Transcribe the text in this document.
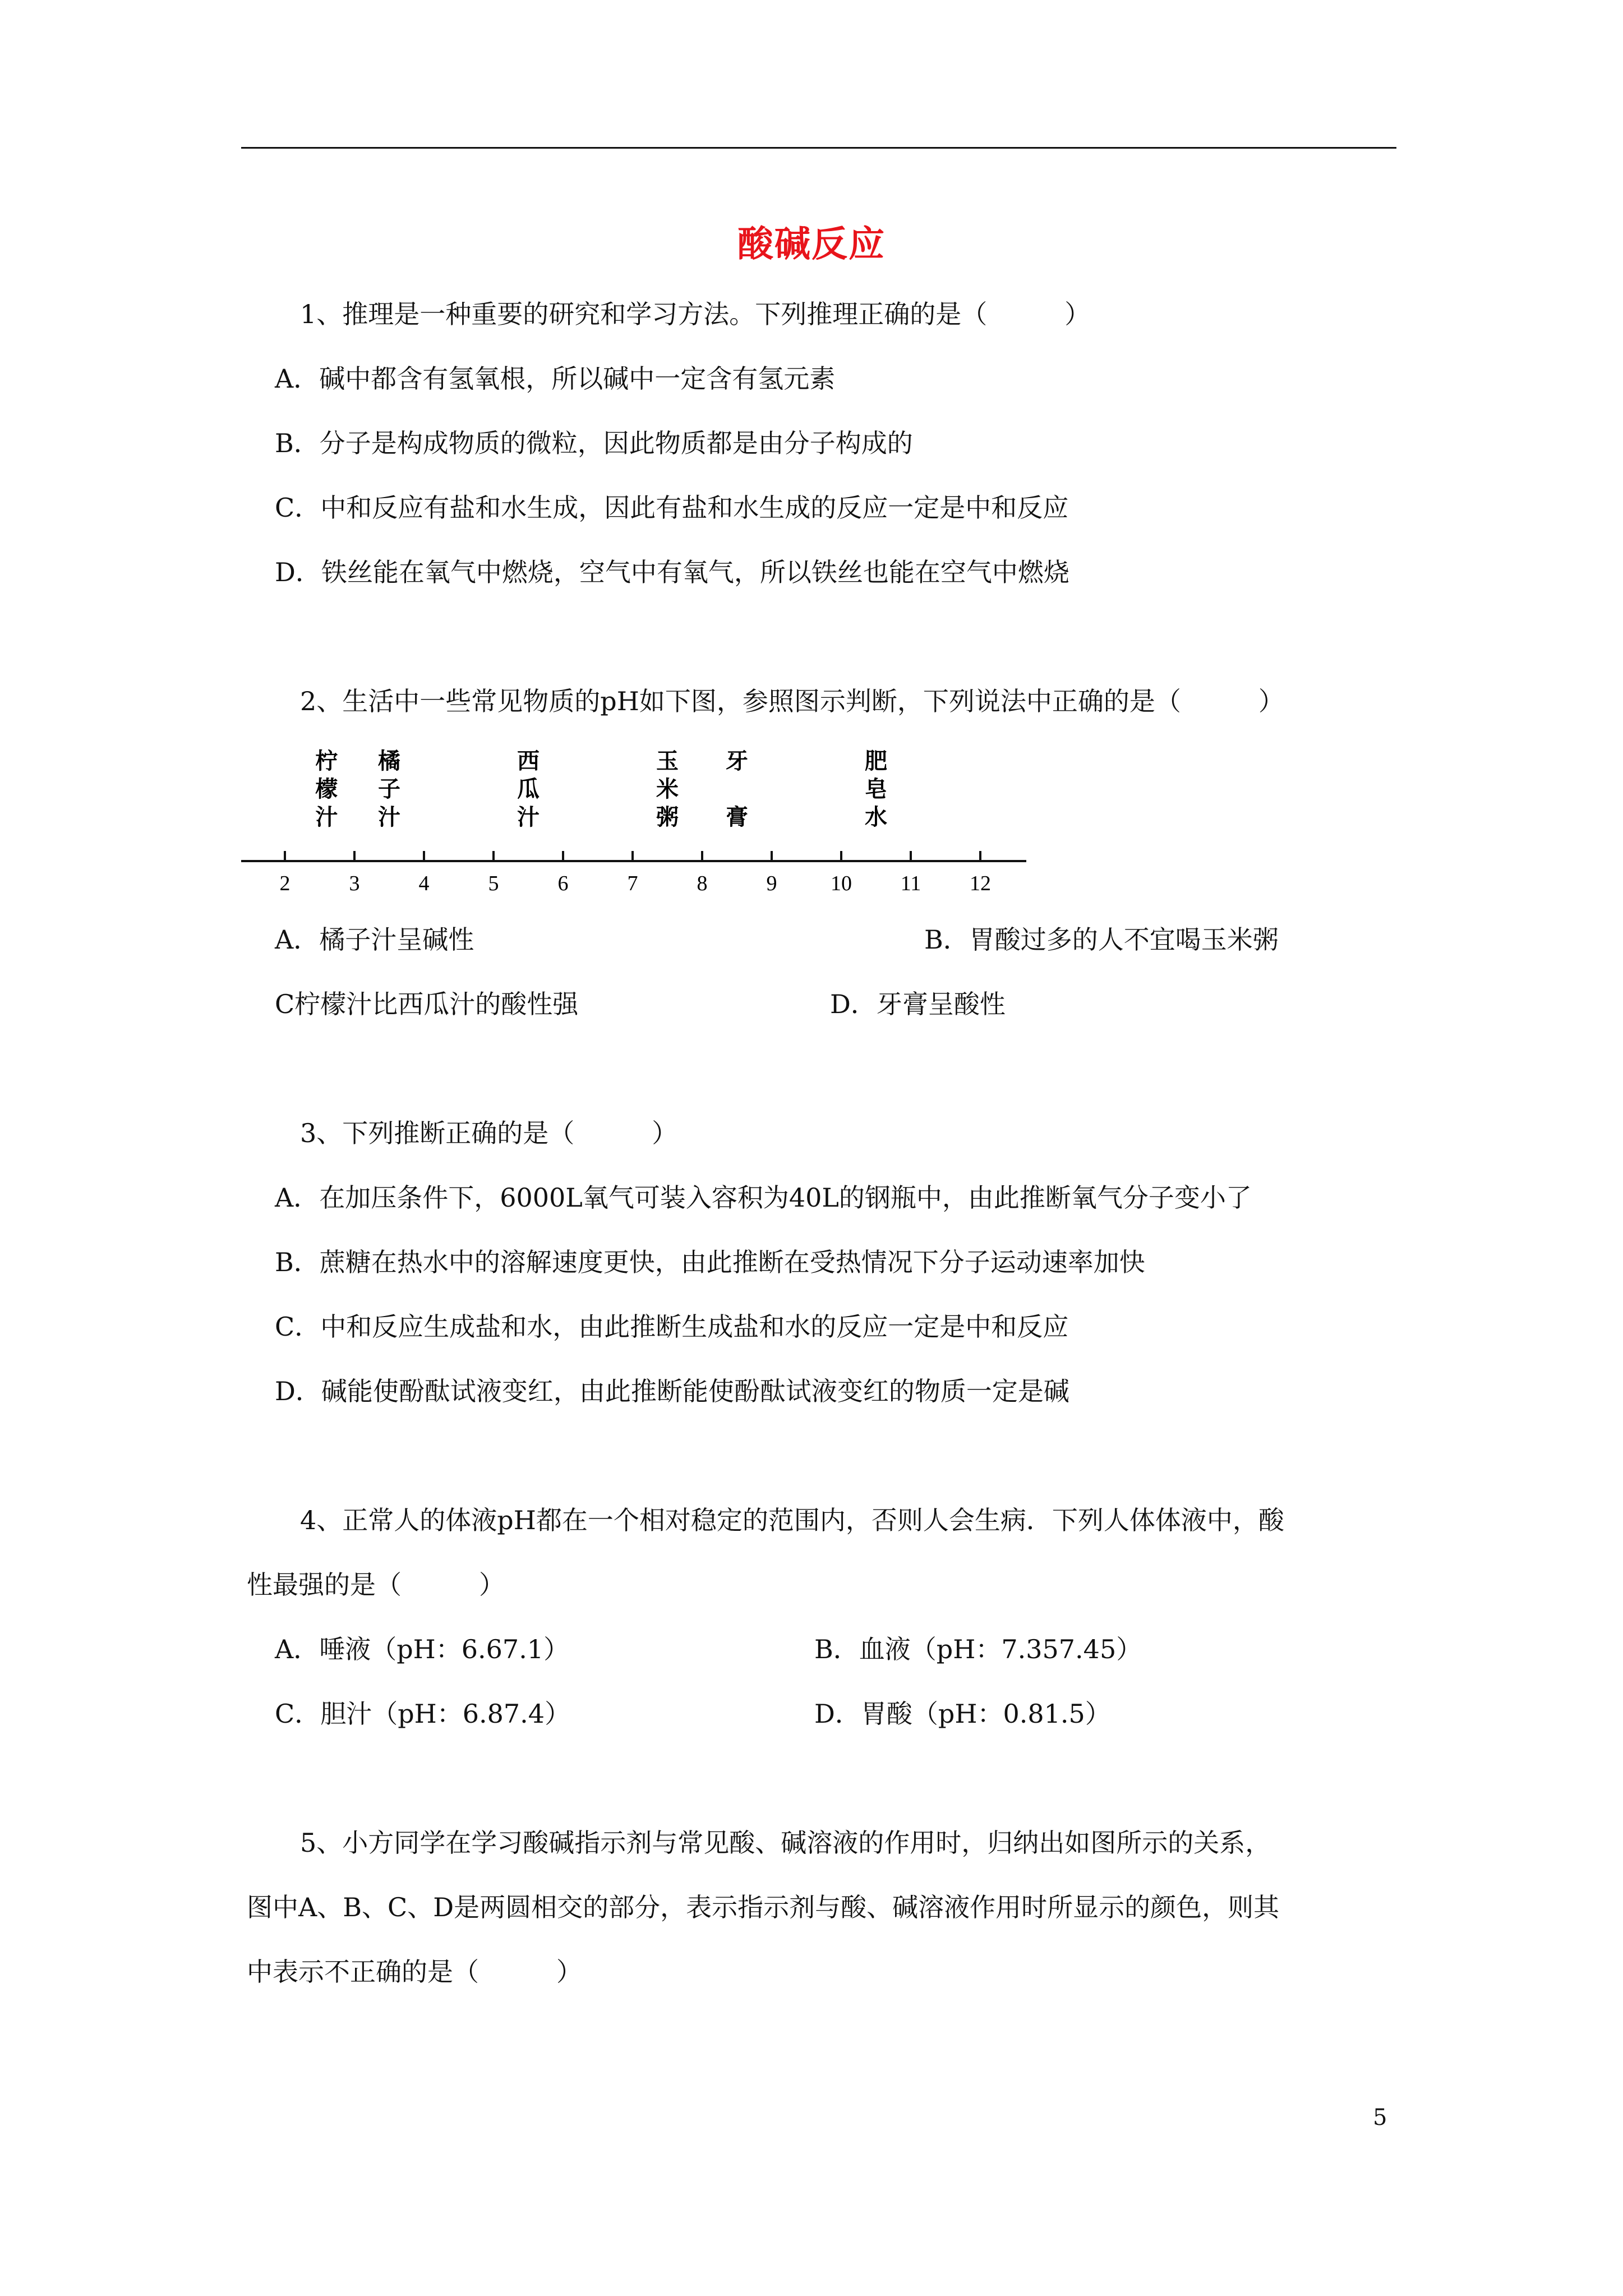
酸碱反应
1、推理是一种重要的研究和学习方法。下列推理正确的是（　　　）
A．碱中都含有氢氧根，所以碱中一定含有氢元素
B．分子是构成物质的微粒，因此物质都是由分子构成的
C．中和反应有盐和水生成，因此有盐和水生成的反应一定是中和反应
D．铁丝能在氧气中燃烧，空气中有氧气，所以铁丝也能在空气中燃烧
2、生活中一些常见物质的pH如下图，参照图示判断，下列说法中正确的是（　　　）
2	3	4	5	6	7	8	9	10 11 12
柠
檬
汁
橘
子
汁
西
瓜
汁
玉
米
粥
牙
膏
肥
皂
水
A．橘子汁呈碱性	B．胃酸过多的人不宜喝玉米粥
C柠檬汁比西瓜汁的酸性强	D．牙膏呈酸性
3、下列推断正确的是（　　　）
A．在加压条件下，6000L氧气可装入容积为40L的钢瓶中，由此推断氧气分子变小了
B．蔗糖在热水中的溶解速度更快，由此推断在受热情况下分子运动速率加快
C．中和反应生成盐和水，由此推断生成盐和水的反应一定是中和反应
D．碱能使酚酞试液变红，由此推断能使酚酞试液变红的物质一定是碱
4、正常人的体液pH都在一个相对稳定的范围内，否则人会生病．下列人体体液中，酸
性最强的是（　　　）
A．唾液（pH：6.67.1）	B．血液（pH：7.357.45）
C．胆汁（pH：6.87.4）	D．胃酸（pH：0.81.5）
5、小方同学在学习酸碱指示剂与常见酸、碱溶液的作用时，归纳出如图所示的关系，
图中A、B、C、D是两圆相交的部分，表示指示剂与酸、碱溶液作用时所显示的颜色，则其
中表示不正确的是（　　　）
5
